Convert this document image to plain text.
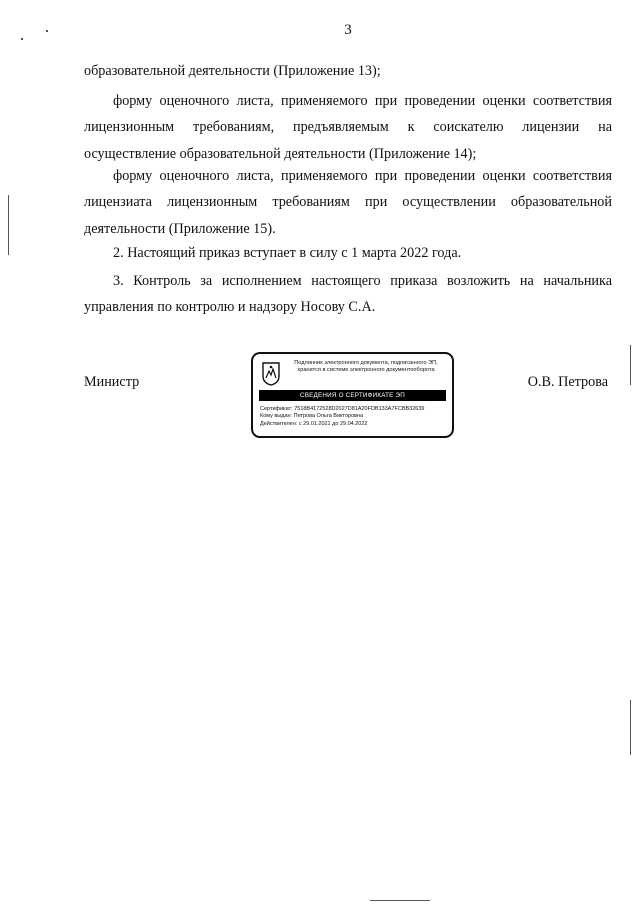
3

образовательной деятельности (Приложение 13);

форму оценочного листа, применяемого при проведении оценки соответствия лицензионным требованиям, предъявляемым к соискателю лицензии на осуществление образовательной деятельности (Приложение 14);

форму оценочного листа, применяемого при проведении оценки соответствия лицензиата лицензионным требованиям при осуществлении образовательной деятельности (Приложение 15).

2. Настоящий приказ вступает в силу с 1 марта 2022 года.

3. Контроль за исполнением настоящего приказа возложить на начальника управления по контролю и надзору Носову С.А.

Министр	О.В. Петрова
Подлинник электронного документа, подписанного ЭП,
хранится в системе электронного документооборота
СВЕДЕНИЯ О СЕРТИФИКАТЕ ЭП
Сертификат: 7518B4172528D2027D81A20FDB133A7FCBB32639
Кому выдан: Петрова Ольга Викторовна
Действителен: с 29.01.2021 до 29.04.2022
